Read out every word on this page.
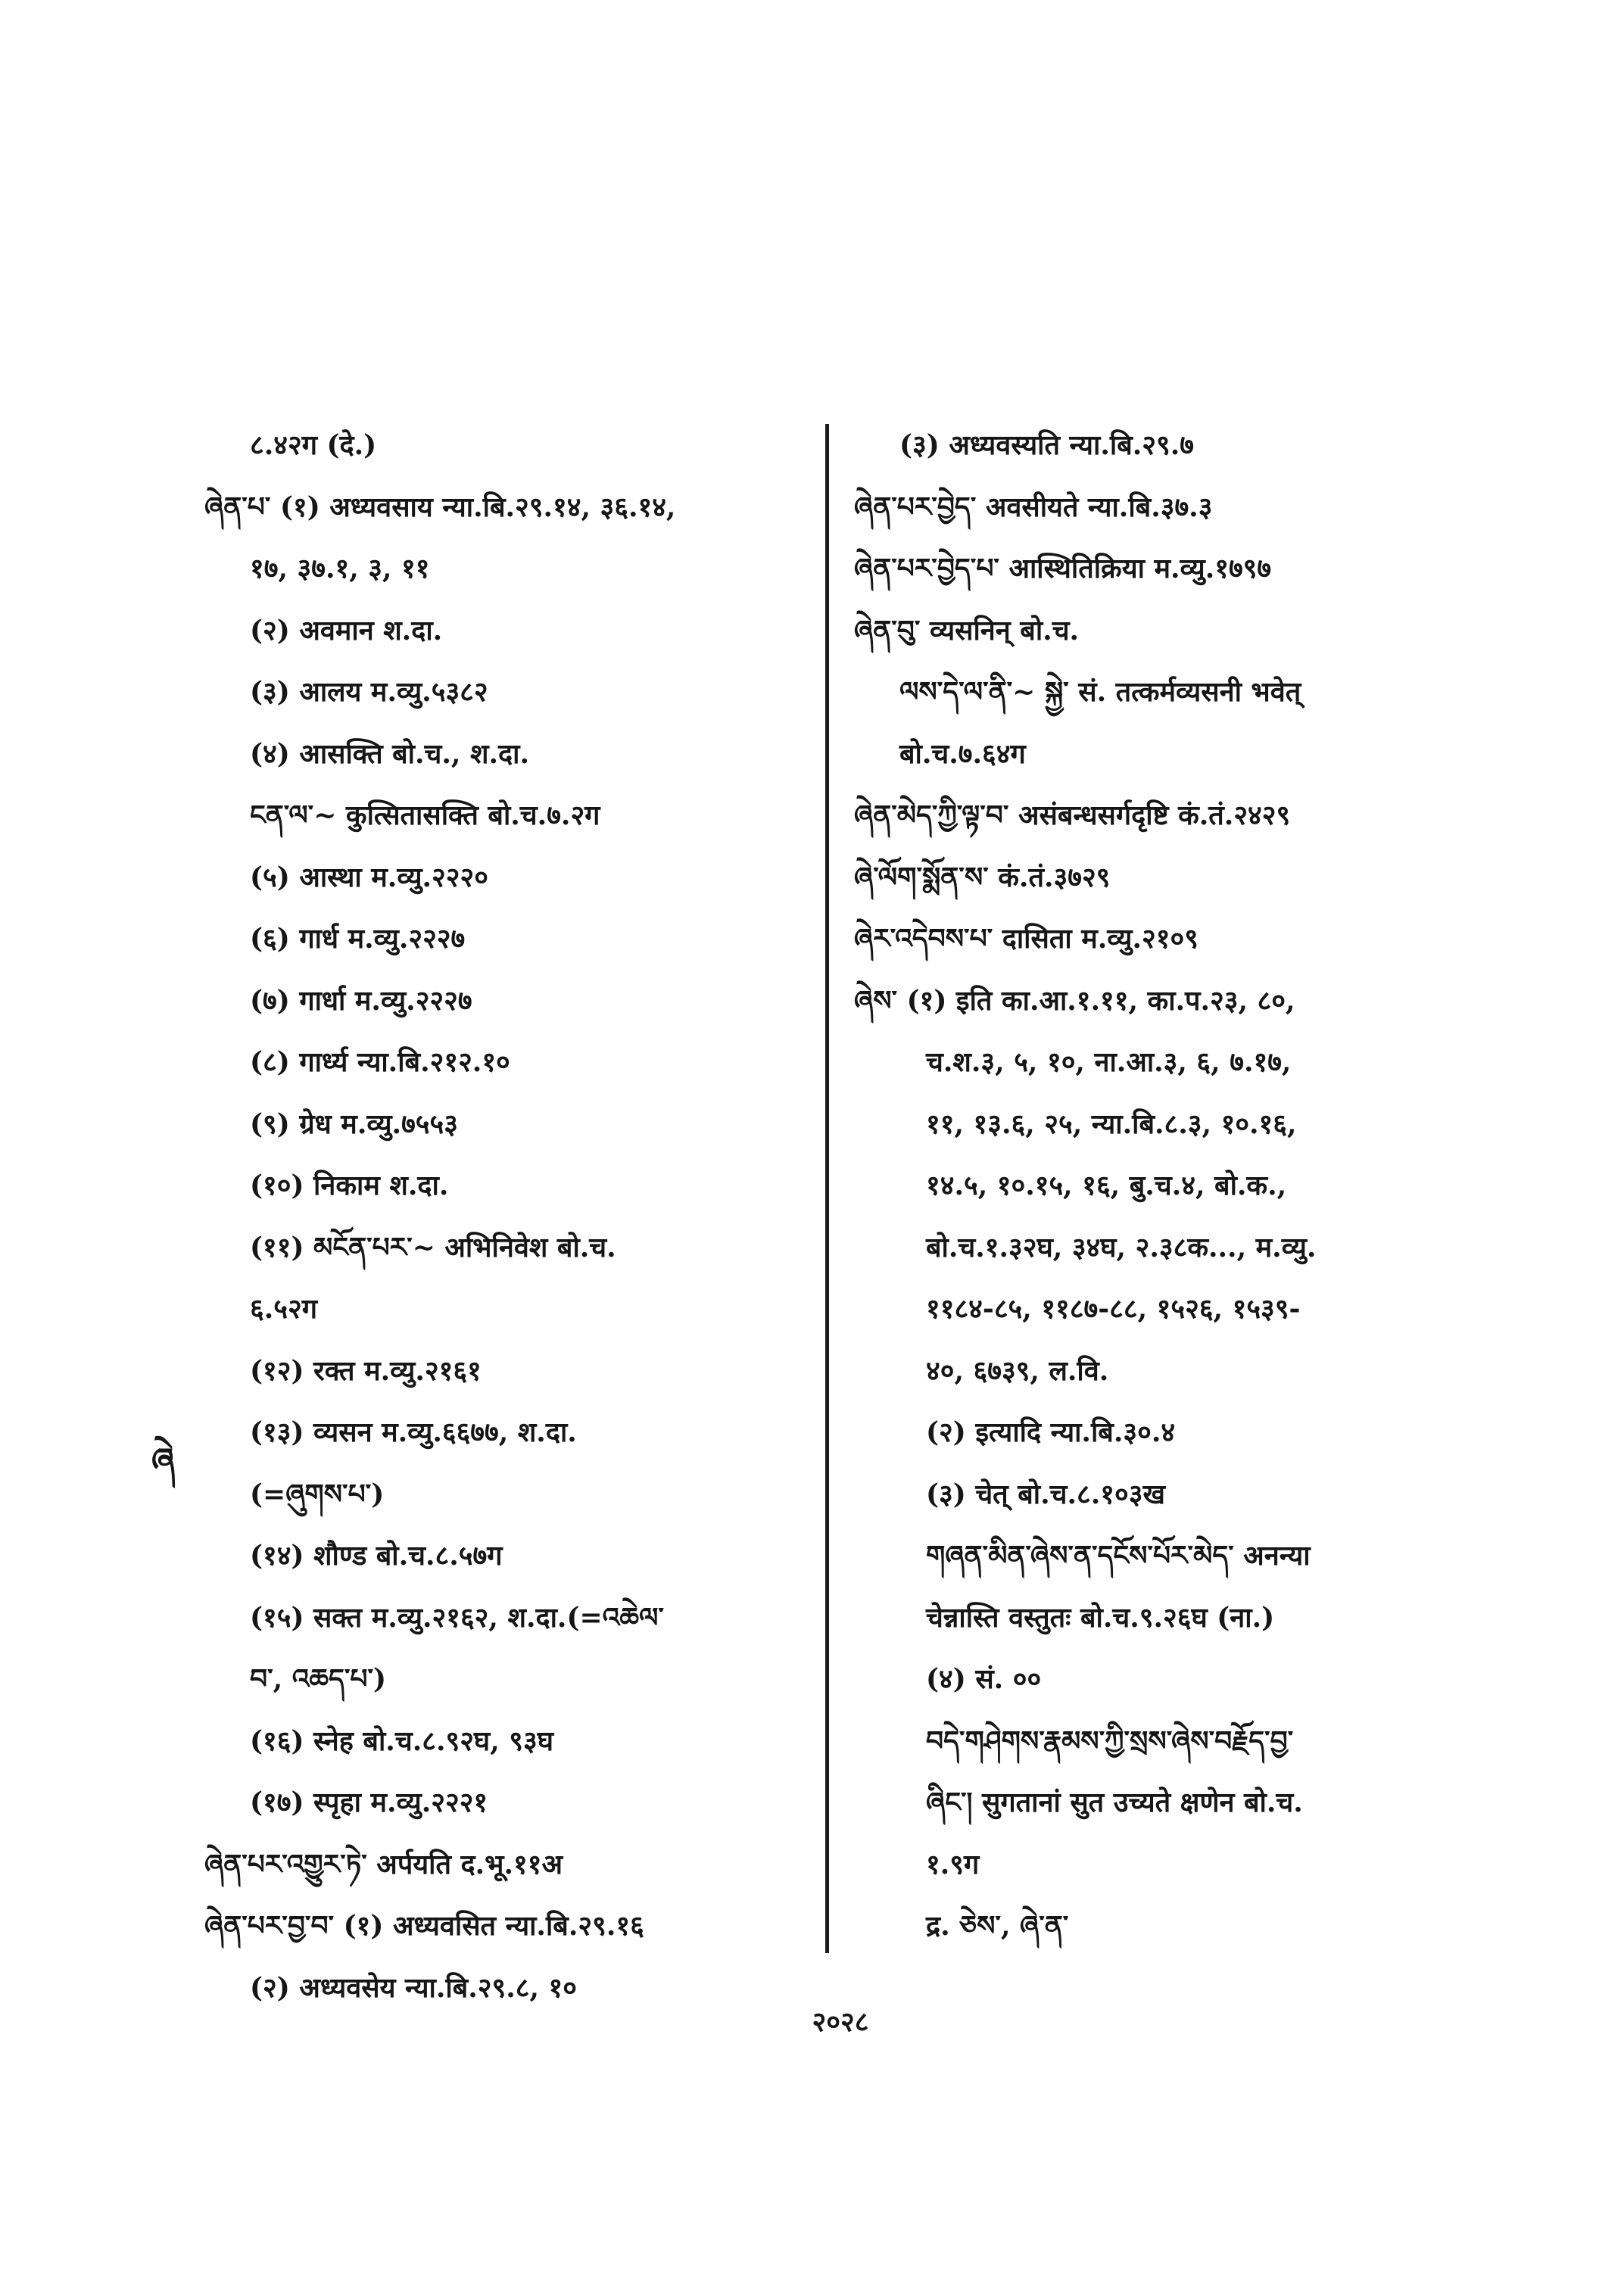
८.४२ग (दे.)
ཞེན་པ་ (१) अध्यवसाय न्या.बि.२९.१४, ३६.१४,
१७, ३७.१, ३, ११
(२) अवमान श.दा.
(३) आलय म.व्यु.५३८२
(४) आसक्ति बो.च., श.दा.
ངན་ལ་~ कुत्सितासक्ति बो.च.७.२ग
(५) आस्था म.व्यु.२२२०
(६) गार्ध म.व्यु.२२२७
(७) गार्धा म.व्यु.२२२७
(८) गार्ध्य न्या.बि.२१२.१०
(९) ग्रेध म.व्यु.७५५३
(१०) निकाम श.दा.
(११) མངོན་པར་~ अभिनिवेश बो.च.
६.५२ग
(१२) रक्त म.व्यु.२१६१
(१३) व्यसन म.व्यु.६६७७, श.दा.
(=ཞུགས་པ་)
(१४) शौण्ड बो.च.८.५७ग
(१५) सक्त म.व्यु.२१६२, श.दा.(=འཆེལ་
བ་, འཆད་པ་)
(१६) स्नेह बो.च.८.९२घ, ९३घ
(१७) स्पृहा म.व्यु.२२२१
ཞེན་པར་འགྱུར་ཏེ་ अर्पयति द.भू.११अ
ཞེན་པར་བྱ་བ་ (१) अध्यवसित न्या.बि.२९.१६
(२) अध्यवसेय न्या.बि.२९.८, १०
(३) अध्यवस्यति न्या.बि.२९.७
ཞེན་པར་བྱེད་ अवसीयते न्या.बि.३७.३
ཞེན་པར་བྱེད་པ་ आस्थितिक्रिया म.व्यु.१७९७
ཞེན་བུ་ व्यसनिन् बो.च.
ལས་དེ་ལ་ནི་~ སྐྱེ་ सं. तत्कर्मव्यसनी भवेत्
बो.च.७.६४ग
ཞེན་མེད་ཀྱི་ལྟ་བ་ असंबन्धसर्गदृष्टि कं.तं.२४२९
ཞེ་ལོག་སྨོན་ས་ कं.तं.३७२९
ཞེར་འདེབས་པ་ दासिता म.व्यु.२१०९
ཞེས་ (१) इति का.आ.१.११, का.प.२३, ८०,
च.श.३, ५, १०, ना.आ.३, ६, ७.१७,
११, १३.६, २५, न्या.बि.८.३, १०.१६,
१४.५, १०.१५, १६, बु.च.४, बो.क.,
बो.च.१.३२घ, ३४घ, २.३८क..., म.व्यु.
११८४-८५, ११८७-८८, १५२६, १५३९-
४०, ६७३९, ल.वि.
(२) इत्यादि न्या.बि.३०.४
(३) चेत् बो.च.८.१०३ख
གཞན་མིན་ཞེས་ན་དངོས་པོར་མེད་ अनन्या
चेन्नास्ति वस्तुतः बो.च.९.२६घ (ना.)
(४) सं. ००
བདེ་གཤེགས་རྣམས་ཀྱི་སྲས་ཞེས་བརྗོད་བྱ་
ཞིང་། सुगतानां सुत उच्यते क्षणेन बो.च.
१.९ग
द्र. ཅེས་, ཞེ་ན་
ཞེ
२०२८
